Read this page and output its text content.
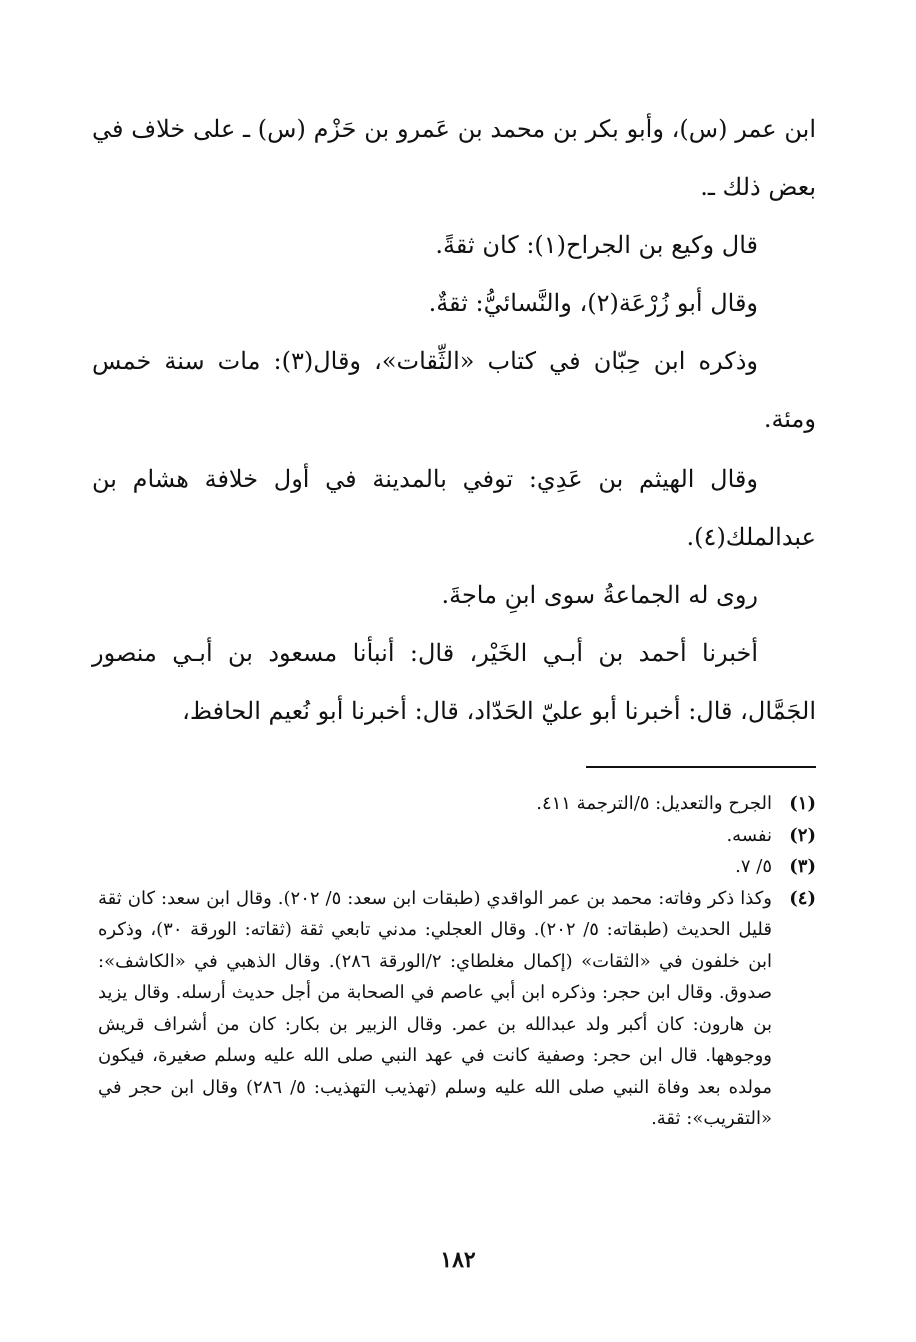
ابن عمر (س)، وأبو بكر بن محمد بن عَمرو بن حَزْم (س) ـ على خلاف في بعض ذلك ـ.

قال وكيع بن الجراح(١): كان ثقةً.

وقال أبو زُرْعَة(٢)، والنَّسائيُّ: ثقةٌ.

وذكره ابن حِبّان في كتاب «الثِّقات»، وقال(٣): مات سنة خمس ومئة.

وقال الهيثم بن عَدِي: توفي بالمدينة في أول خلافة هشام بن عبدالملك(٤).

روى له الجماعةُ سوى ابنِ ماجةَ.

أخبرنا أحمد بن أبـي الخَيْر، قال: أنبأنا مسعود بن أبـي منصور الجَمَّال، قال: أخبرنا أبو عليّ الحَدّاد، قال: أخبرنا أبو نُعيم الحافظ،

(١)
الجرح والتعديل: ٥/الترجمة ٤١١.
(٢)
نفسه.
(٣)
٥/ ٧.
(٤)
وكذا ذكر وفاته: محمد بن عمر الواقدي (طبقات ابن سعد: ٥/ ٢٠٢). وقال ابن سعد: كان ثقة قليل الحديث (طبقاته: ٥/ ٢٠٢). وقال العجلي: مدني تابعي ثقة (ثقاته: الورقة ٣٠)، وذكره ابن خلفون في «الثقات» (إكمال مغلطاي: ٢/الورقة ٢٨٦). وقال الذهبي في «الكاشف»: صدوق. وقال ابن حجر: وذكره ابن أبي عاصم في الصحابة من أجل حديث أرسله. وقال يزيد بن هارون: كان أكبر ولد عبدالله بن عمر. وقال الزبير بن بكار: كان من أشراف قريش ووجوهها. قال ابن حجر: وصفية كانت في عهد النبي صلى الله عليه وسلم صغيرة، فيكون مولده بعد وفاة النبي صلى الله عليه وسلم (تهذيب التهذيب: ٥/ ٢٨٦) وقال ابن حجر في «التقريب»: ثقة.
١٨٢
